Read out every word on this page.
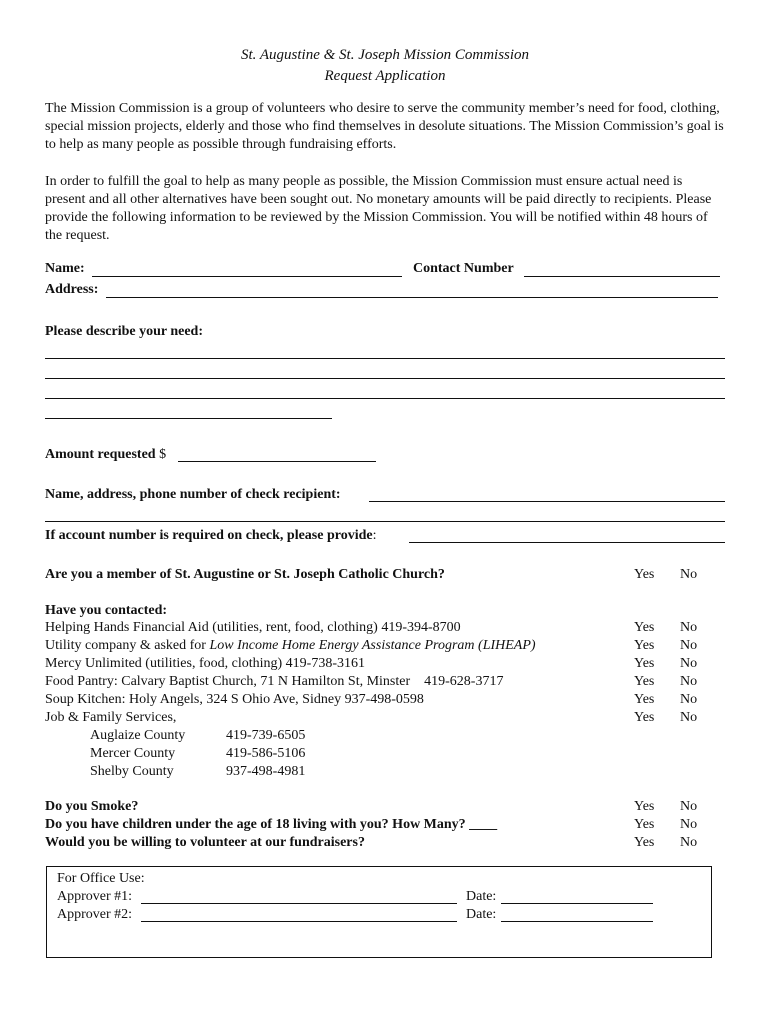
St. Augustine & St. Joseph Mission Commission
Request Application
The Mission Commission is a group of volunteers who desire to serve the community member’s need for food, clothing, special mission projects, elderly and those who find themselves in desolute situations. The Mission Commission’s goal is to help as many people as possible through fundraising efforts.
In order to fulfill the goal to help as many people as possible, the Mission Commission must ensure actual need is present and all other alternatives have been sought out. No monetary amounts will be paid directly to recipients. Please provide the following information to be reviewed by the Mission Commission. You will be notified within 48 hours of the request.
Name:	Contact Number
Address:
Please describe your need:
Amount requested $
Name, address, phone number of check recipient:
If account number is required on check, please provide:
Are you a member of St. Augustine or St. Joseph Catholic Church?	Yes No
Have you contacted:
Helping Hands Financial Aid (utilities, rent, food, clothing) 419-394-8700	Yes No
Utility company & asked for Low Income Home Energy Assistance Program (LIHEAP)	Yes No
Mercy Unlimited (utilities, food, clothing) 419-738-3161	Yes No
Food Pantry: Calvary Baptist Church, 71 N Hamilton St, Minster    419-628-3717	Yes No
Soup Kitchen: Holy Angels, 324 S Ohio Ave, Sidney 937-498-0598	Yes No
Job & Family Services,	Yes No
Auglaize County	419-739-6505
Mercer County	419-586-5106
Shelby County	937-498-4981
Do you Smoke?	Yes No
Do you have children under the age of 18 living with you? How Many? ____	Yes No
Would you be willing to volunteer at our fundraisers?	Yes No
For Office Use:
Approver #1:	Date:
Approver #2:	Date:
